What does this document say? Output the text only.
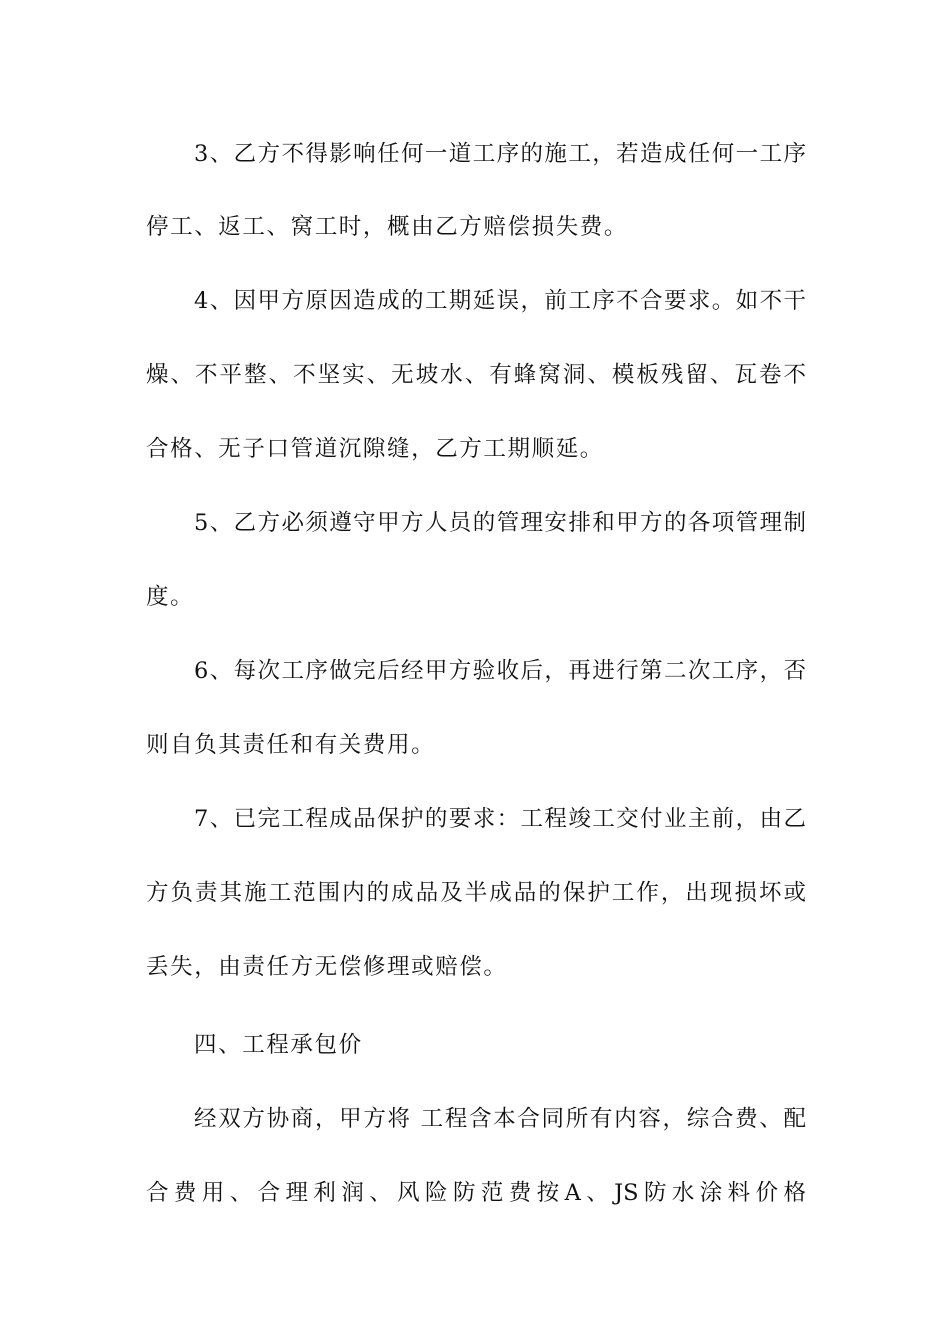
3、乙方不得影响任何一道工序的施工，若造成任何一工序
停工、返工、窝工时，概由乙方赔偿损失费。
4、因甲方原因造成的工期延误，前工序不合要求。如不干
燥、不平整、不坚实、无坡水、有蜂窝洞、模板残留、瓦卷不
合格、无子口管道沉隙缝，乙方工期顺延。
5、乙方必须遵守甲方人员的管理安排和甲方的各项管理制
度。
6、每次工序做完后经甲方验收后，再进行第二次工序，否
则自负其责任和有关费用。
7、已完工程成品保护的要求：工程竣工交付业主前，由乙
方负责其施工范围内的成品及半成品的保护工作，出现损坏或
丢失，由责任方无偿修理或赔偿。
四、工程承包价
经双方协商，甲方将 工程含本合同所有内容，综合费、配
合费用、合理利润、风险防范费按A、JS防水涂料价格
